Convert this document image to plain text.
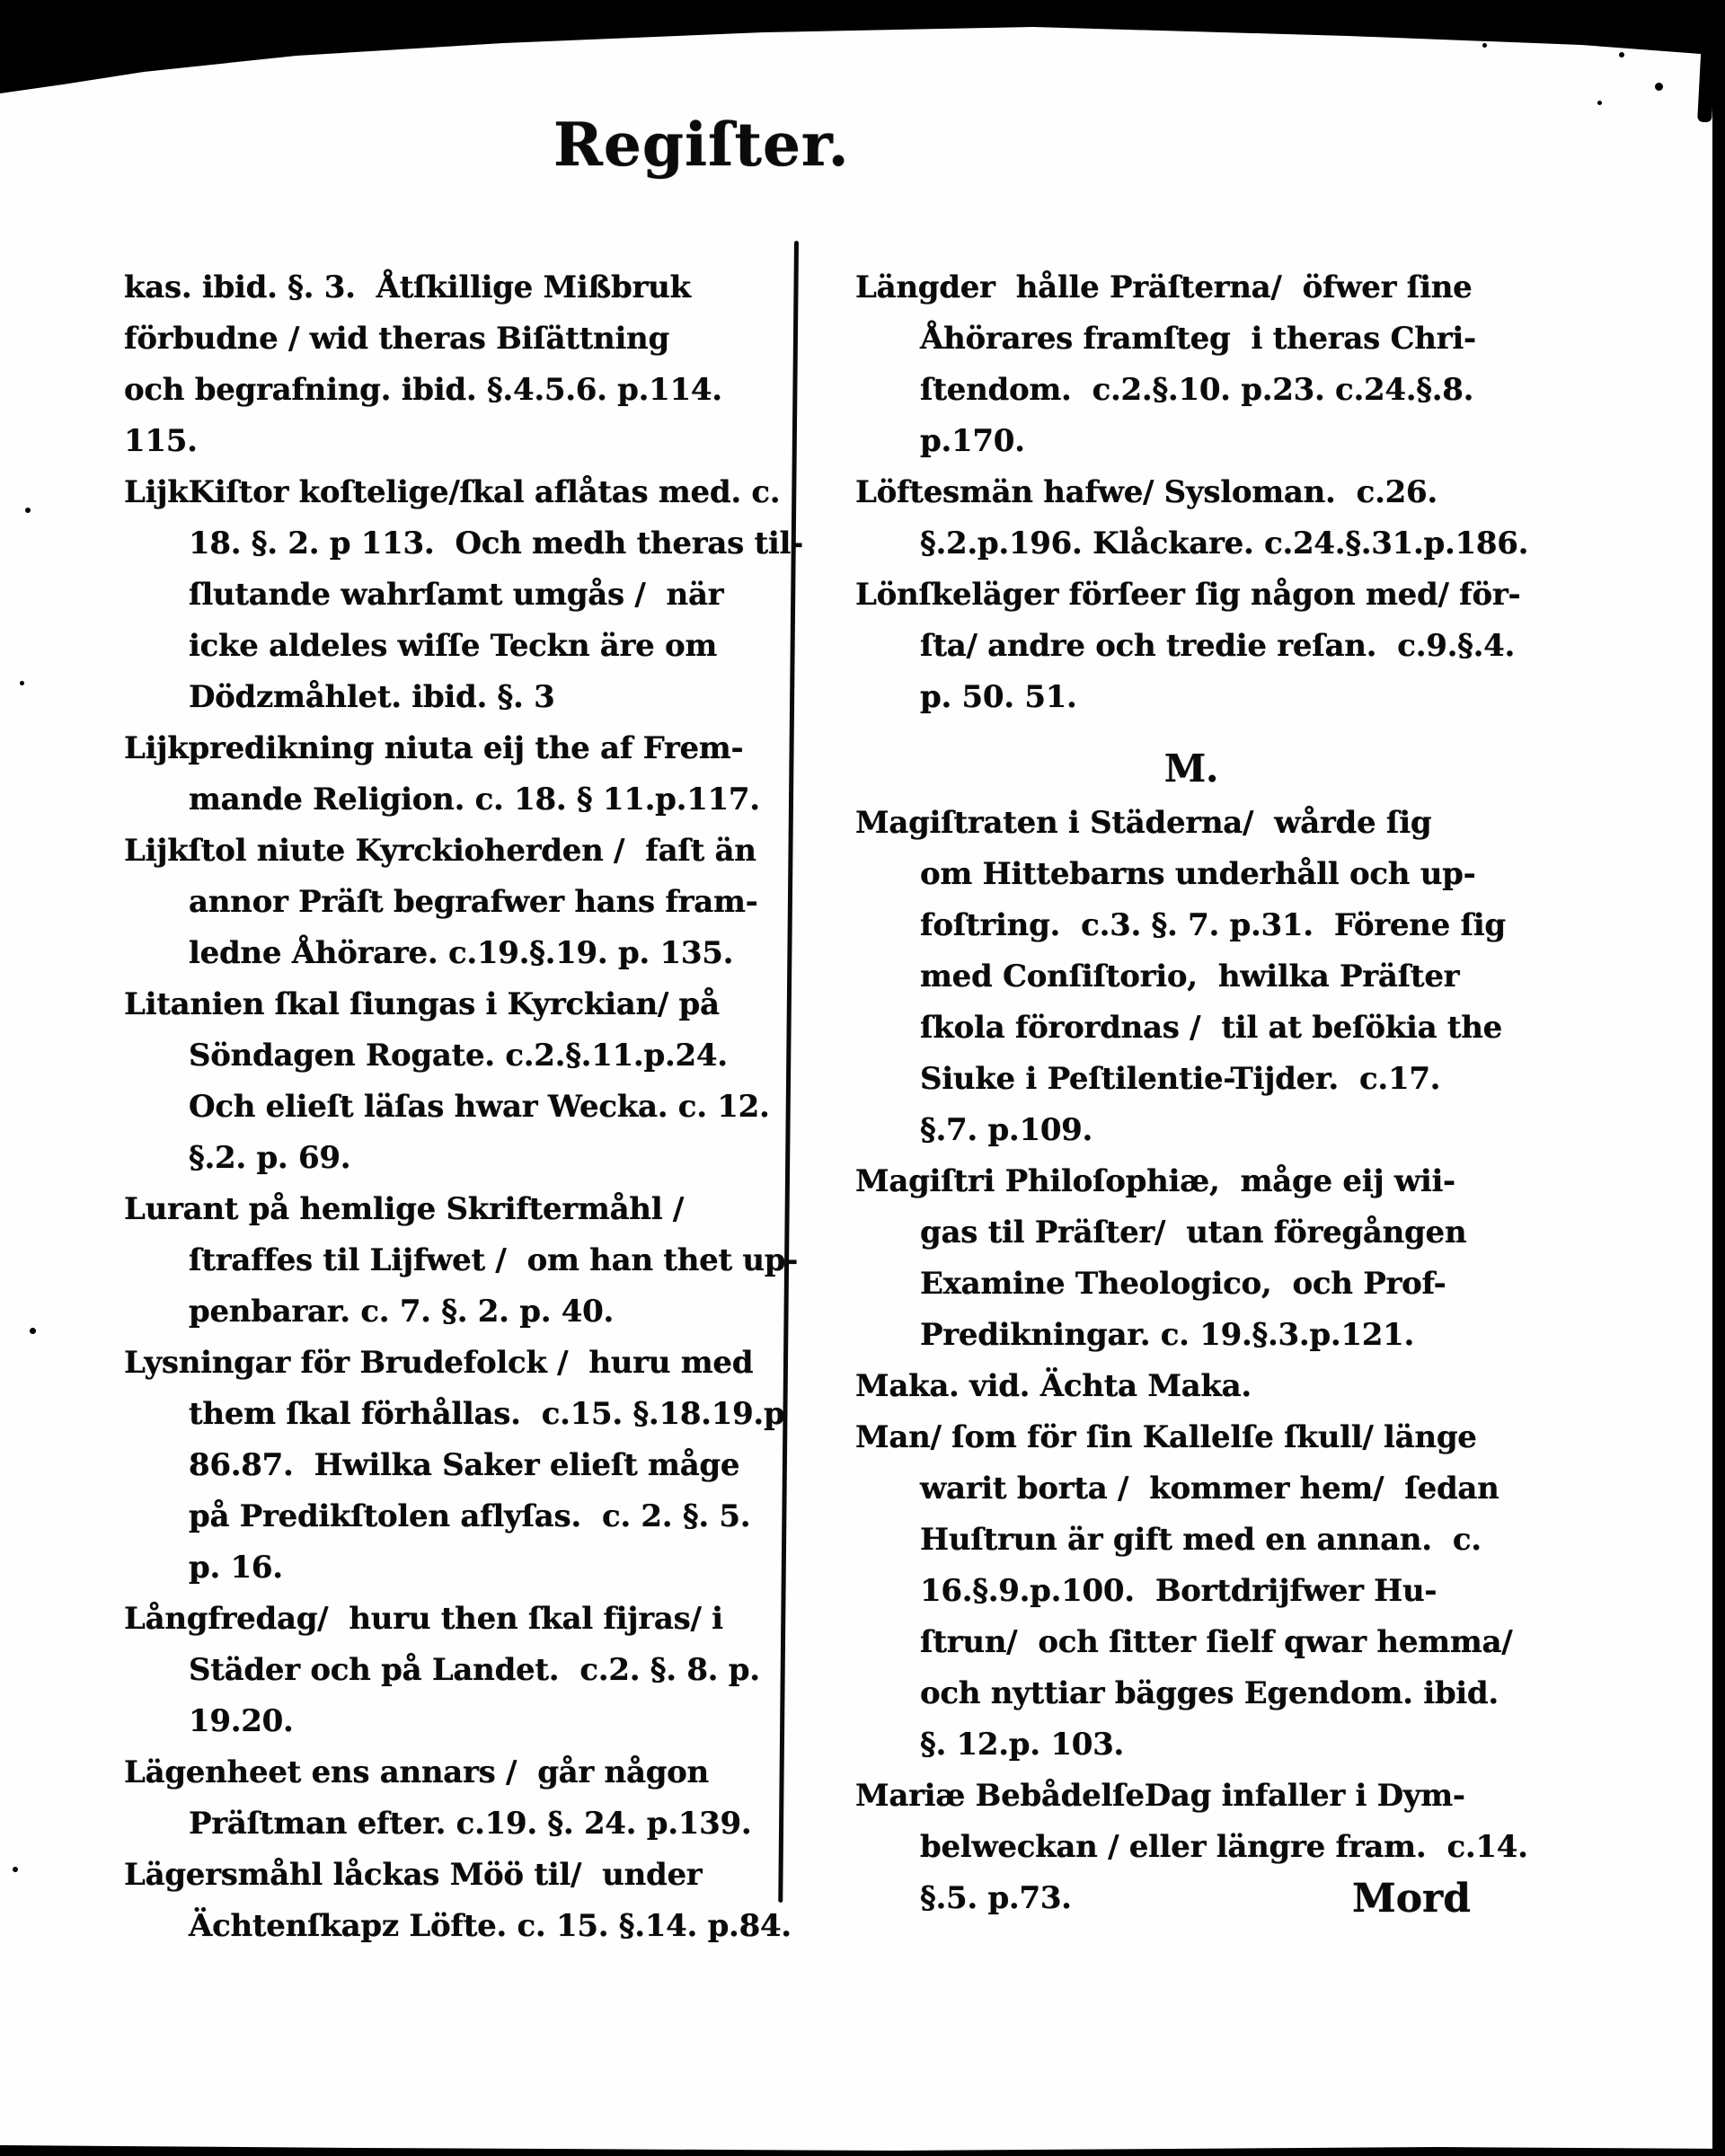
Regiſter.
kas. ibid. §. 3.  Åtſkillige Mißbruk
förbudne / wid theras Biſättning
och begrafning. ibid. §.4.5.6. p.114.
115.
LijkKiſtor koſtelige/ſkal aflåtas med. c.
18. §. 2. p 113.  Och medh theras til-
ſlutande wahrſamt umgås /  när
icke aldeles wiſſe Teckn äre om
Dödzmåhlet. ibid. §. 3
Lijkpredikning niuta eij the af Frem-
mande Religion. c. 18. § 11.p.117.
Lijkſtol niute Kyrckioherden /  faſt än
annor Präſt begrafwer hans fram-
ledne Åhörare. c.19.§.19. p. 135.
Litanien ſkal ſiungas i Kyrckian/ på
Söndagen Rogate. c.2.§.11.p.24.
Och elieſt läſas hwar Wecka. c. 12.
§.2. p. 69.
Lurant på hemlige Skriftermåhl /
ſtraffes til Lijfwet /  om han thet up-
penbarar. c. 7. §. 2. p. 40.
Lysningar för Brudefolck /  huru med
them ſkal förhållas.  c.15. §.18.19.p
86.87.  Hwilka Saker elieſt måge
på Predikſtolen aflyſas.  c. 2. §. 5.
p. 16.
Långfredag/  huru then ſkal fijras/ i
Städer och på Landet.  c.2. §. 8. p.
19.20.
Lägenheet ens annars /  går någon
Präſtman efter. c.19. §. 24. p.139.
Lägersmåhl låckas Möö til/  under
Ächtenſkapz Löfte. c. 15. §.14. p.84.
Längder  hålle Präſterna/  öfwer ſine
Åhörares framſteg  i theras Chri-
ſtendom.  c.2.§.10. p.23. c.24.§.8.
p.170.
Löftesmän hafwe/ Sysloman.  c.26.
§.2.p.196. Klåckare. c.24.§.31.p.186.
Lönſkeläger förſeer ſig någon med/ för-
ſta/ andre och tredie reſan.  c.9.§.4.
p. 50. 51.
M.
Magiſtraten i Städerna/  wårde ſig
om Hittebarns underhåll och up-
foſtring.  c.3. §. 7. p.31.  Förene ſig
med Conſiſtorio,  hwilka Präſter
ſkola förordnas /  til at beſökia the
Siuke i Peſtilentie-Tijder.  c.17.
§.7. p.109.
Magiſtri Philoſophiæ,  måge eij wii-
gas til Präſter/  utan föregången
Examine Theologico,  och Prof-
Predikningar. c. 19.§.3.p.121.
Maka. vid. Ächta Maka.
Man/ ſom för ſin Kallelſe ſkull/ länge
warit borta /  kommer hem/  ſedan
Huſtrun är gift med en annan.  c.
16.§.9.p.100.  Bortdrijfwer Hu-
ſtrun/  och ſitter ſielf qwar hemma/
och nyttiar bägges Egendom. ibid.
§. 12.p. 103.
Mariæ BebådelſeDag infaller i Dym-
belweckan / eller längre fram.  c.14.
§.5. p.73.	Mord
